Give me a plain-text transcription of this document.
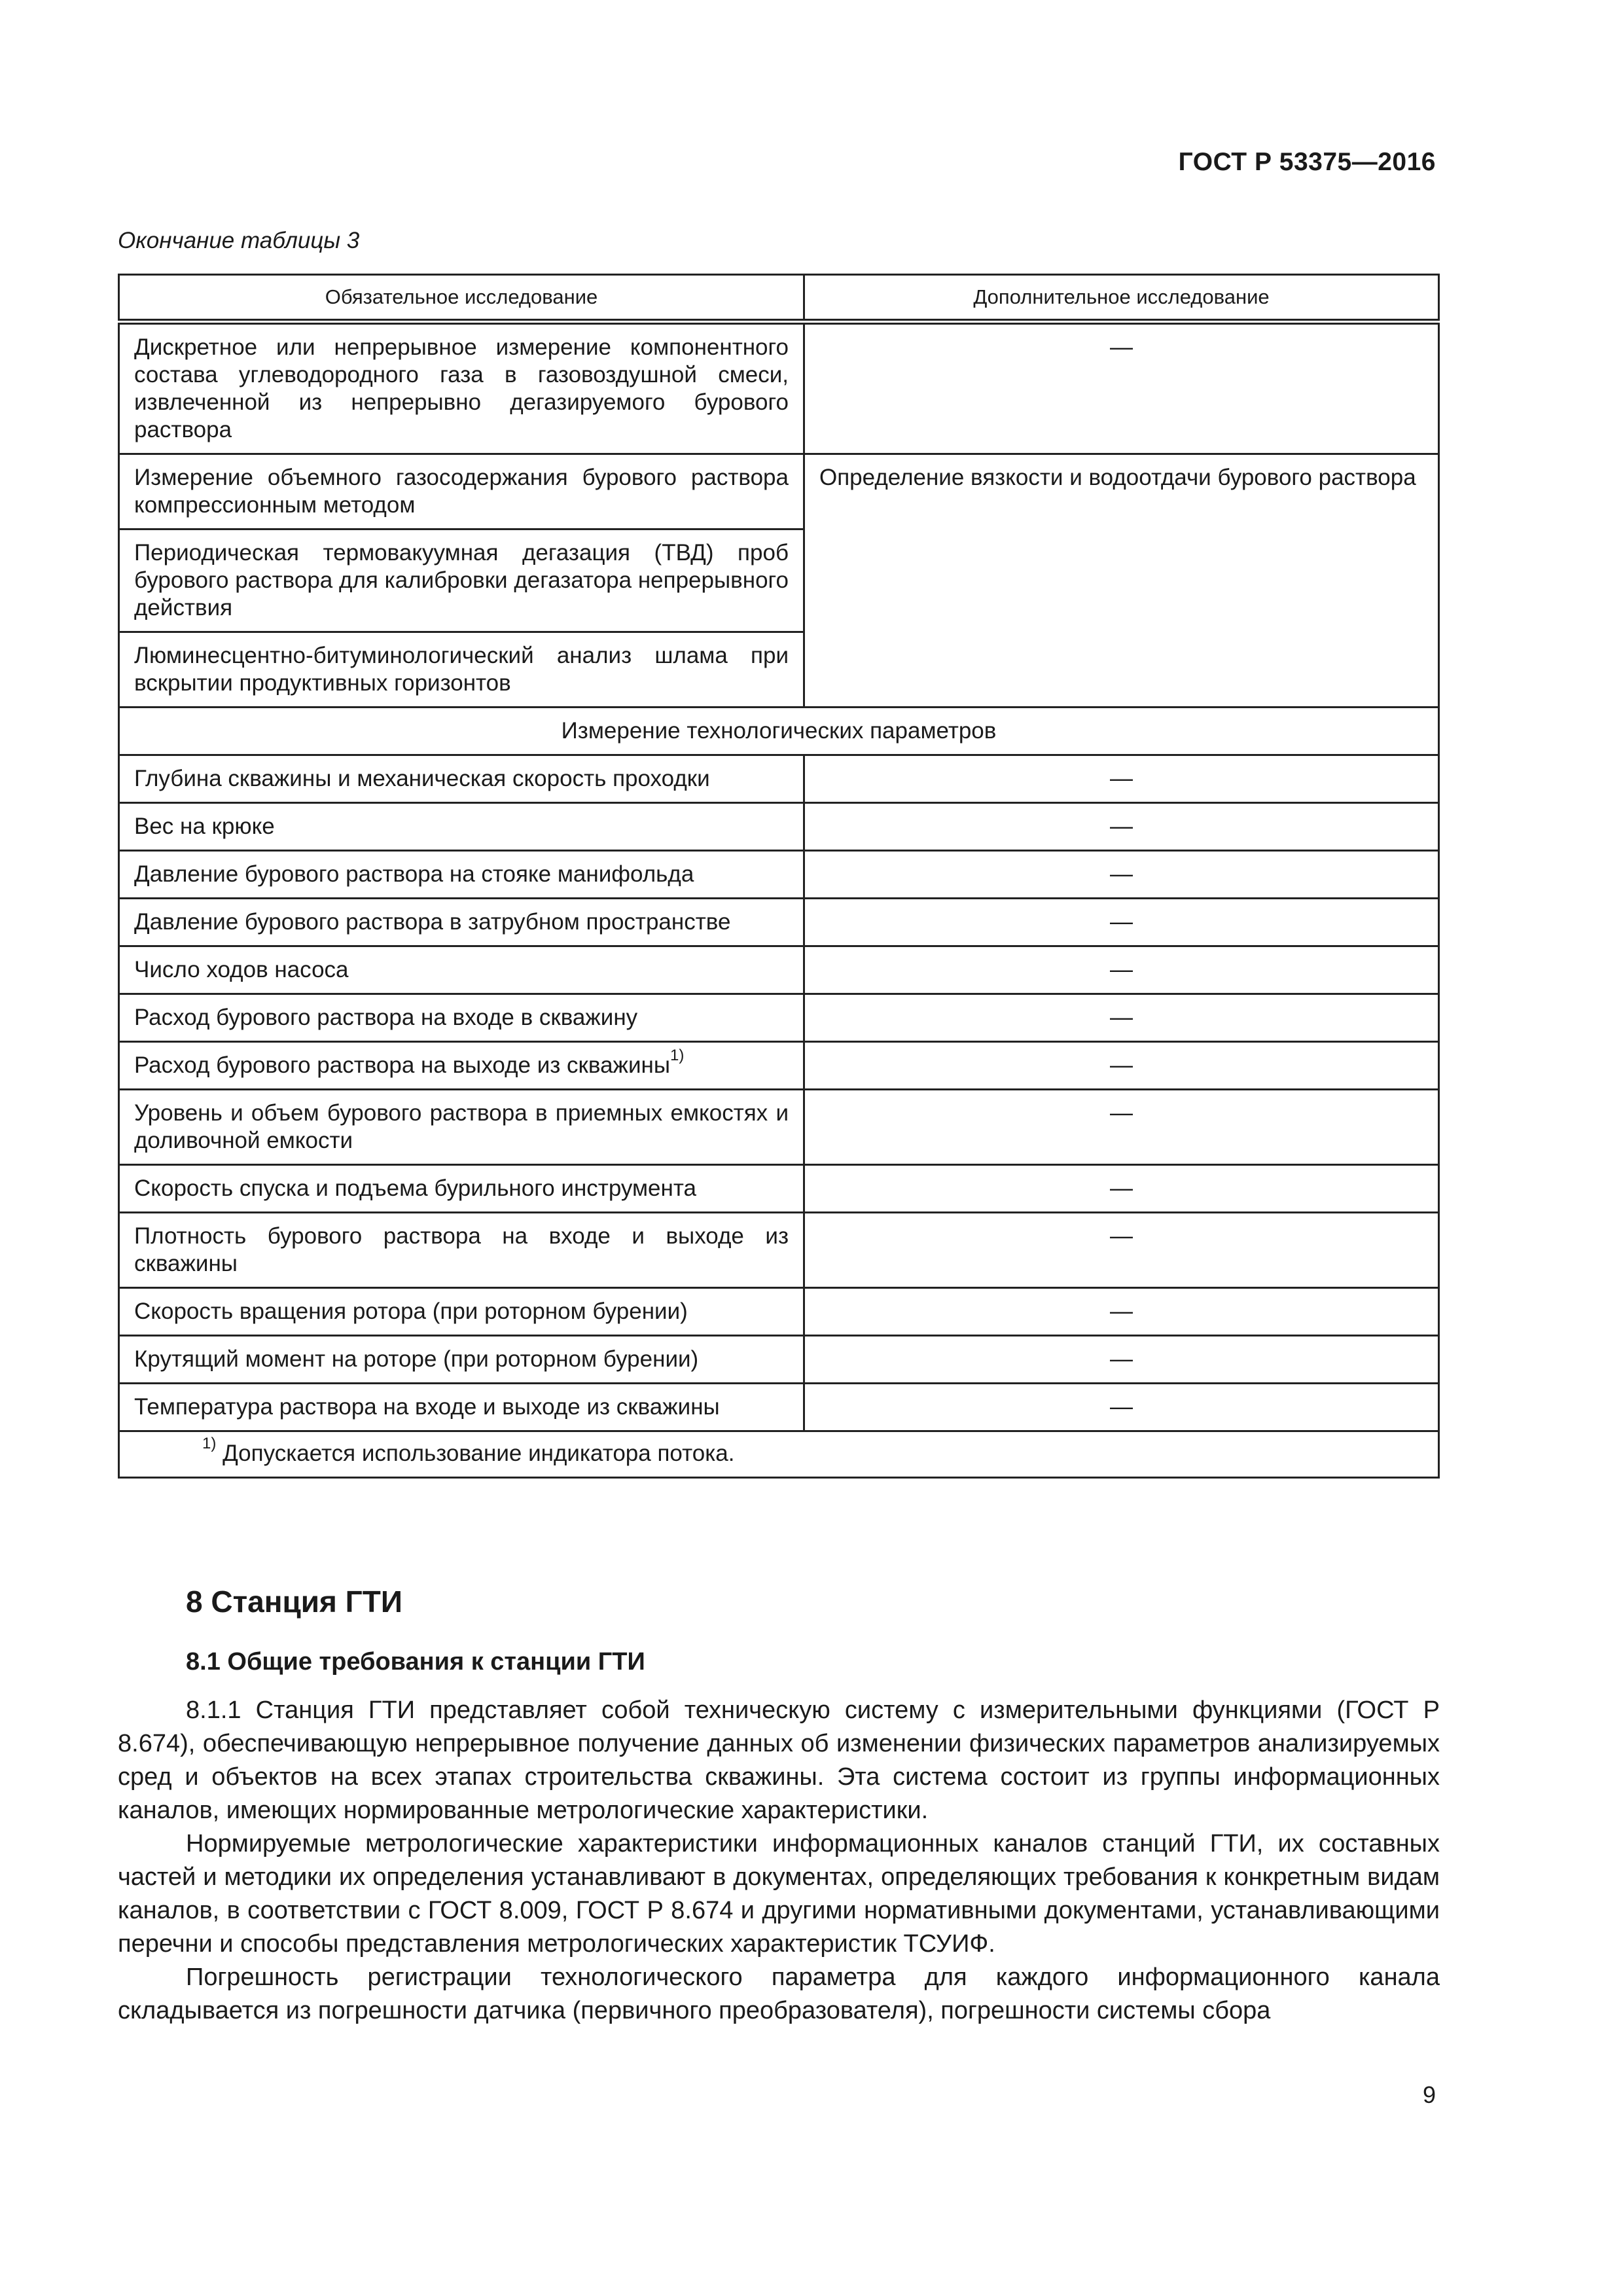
ГОСТ Р 53375—2016
Окончание таблицы 3
Обязательное исследование	Дополнительное исследование
Дискретное или непрерывное измерение компонентного состава углеводородного газа в газовоздушной смеси, извлеченной из непрерывно дегазируемого бурового раствора	—
Измерение объемного газосодержания бурового раствора компрессионным методом	Определение вязкости и водоотдачи бурового раствора
Периодическая термовакуумная дегазация (ТВД) проб бурового раствора для калибровки дегазатора непрерывного действия	
Люминесцентно-битуминологический анализ шлама при вскрытии продуктивных горизонтов	
Измерение технологических параметров	
Глубина скважины и механическая скорость проходки	—
Вес на крюке	—
Давление бурового раствора на стояке манифольда	—
Давление бурового раствора в затрубном пространстве	—
Число ходов насоса	—
Расход бурового раствора на входе в скважину	—
Расход бурового раствора на выходе из скважины$^{1)}$	—
Уровень и объем бурового раствора в приемных емкостях и доливочной емкости	—
Скорость спуска и подъема бурильного инструмента	—
Плотность бурового раствора на входе и выходе из скважины	—
Скорость вращения ротора (при роторном бурении)	—
Крутящий момент на роторе (при роторном бурении)	—
Температура раствора на входе и выходе из скважины	—
$^{1)}$ Допускается использование индикатора потока.	
8 Станция ГТИ
8.1 Общие требования к станции ГТИ

8.1.1 Станция ГТИ представляет собой техническую систему с измерительными функциями (ГОСТ Р 8.674), обеспечивающую непрерывное получение данных об изменении физических параметров анализируемых сред и объектов на всех этапах строительства скважины. Эта система состоит из группы информационных каналов, имеющих нормированные метрологические характеристики.

Нормируемые метрологические характеристики информационных каналов станций ГТИ, их составных частей и методики их определения устанавливают в документах, определяющих требования к конкретным видам каналов, в соответствии с ГОСТ 8.009, ГОСТ Р 8.674 и другими нормативными документами, устанавливающими перечни и способы представления метрологических характеристик ТСУИФ.

Погрешность регистрации технологического параметра для каждого информационного канала складывается из погрешности датчика (первичного преобразователя), погрешности системы сбора

9
